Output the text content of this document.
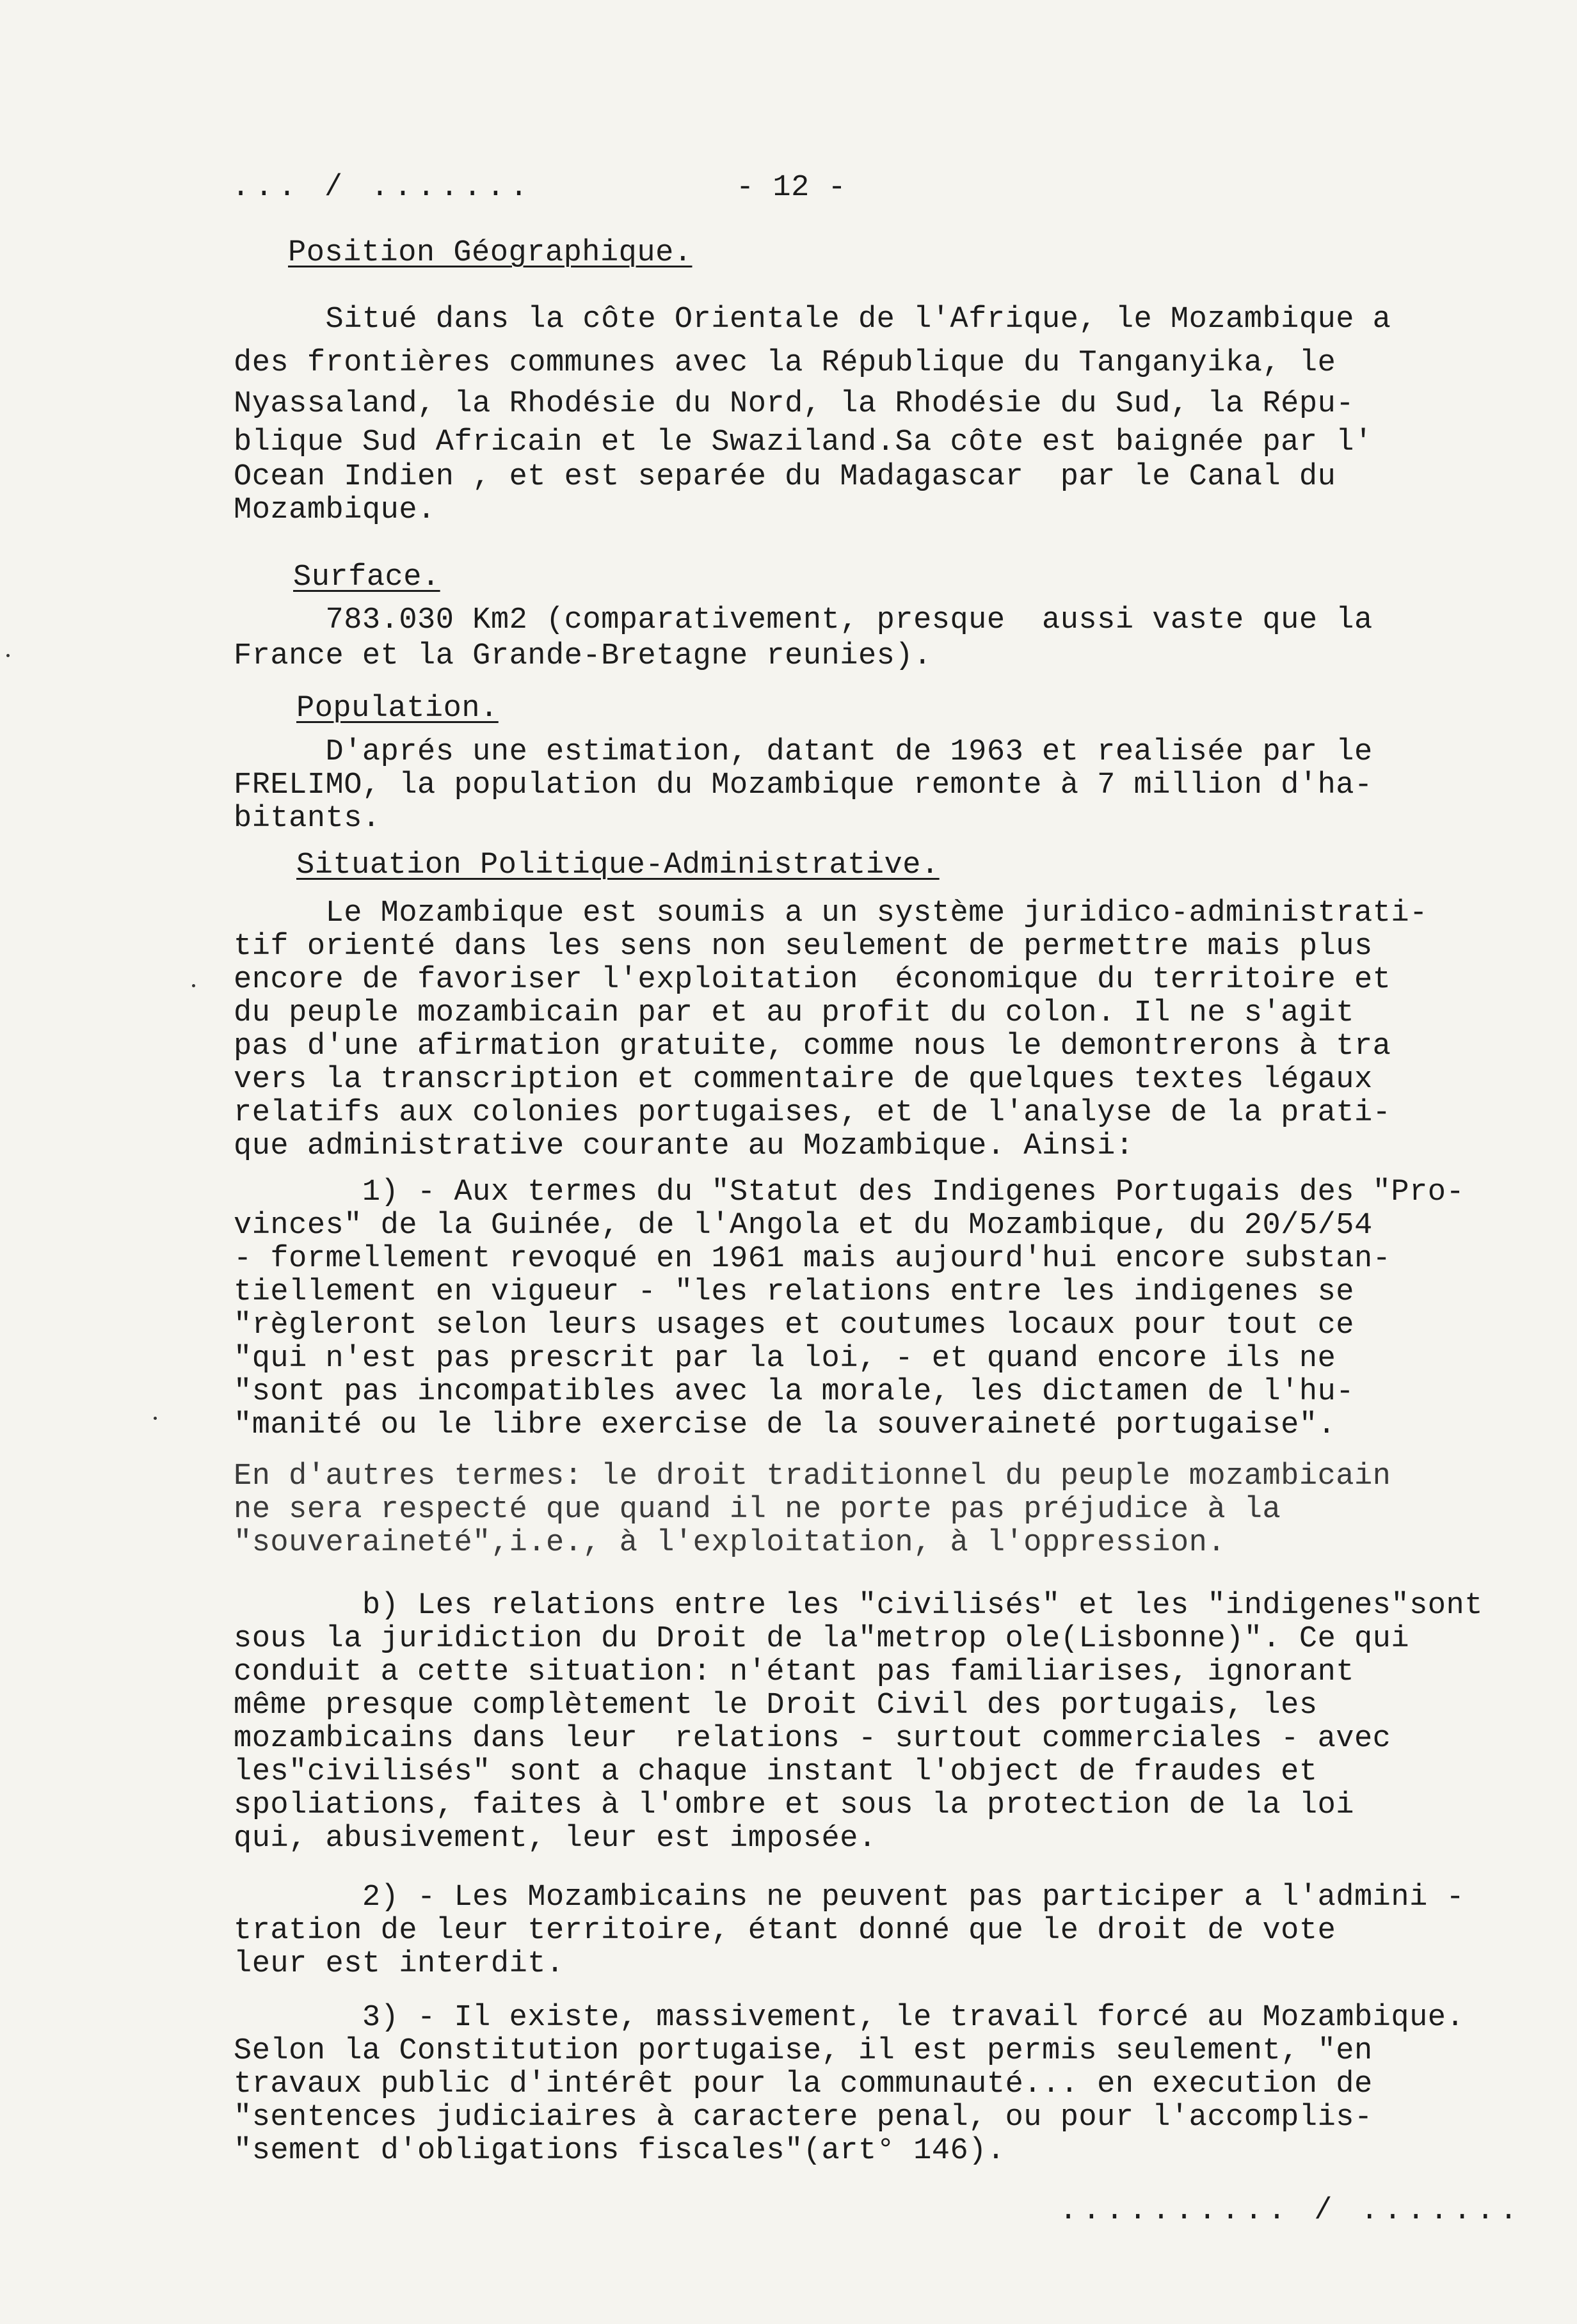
... / .......	- 12 -
Position Géographique.
Situé dans la côte Orientale de l'Afrique, le Mozambique a
des frontières communes avec la République du Tanganyika, le
Nyassaland, la Rhodésie du Nord, la Rhodésie du Sud, la Répu-
blique Sud Africain et le Swaziland.Sa côte est baignée par l'
Ocean Indien , et est separée du Madagascar  par le Canal du
Mozambique.
Surface.
783.030 Km2 (comparativement, presque  aussi vaste que la
France et la Grande-Bretagne reunies).
Population.
D'aprés une estimation, datant de 1963 et realisée par le
FRELIMO, la population du Mozambique remonte à 7 million d'ha-
bitants.
Situation Politique-Administrative.
Le Mozambique est soumis a un système juridico-administrati-
tif orienté dans les sens non seulement de permettre mais plus
encore de favoriser l'exploitation  économique du territoire et
du peuple mozambicain par et au profit du colon. Il ne s'agit
pas d'une afirmation gratuite, comme nous le demontrerons à tra
vers la transcription et commentaire de quelques textes légaux
relatifs aux colonies portugaises, et de l'analyse de la prati-
que administrative courante au Mozambique. Ainsi:
1) - Aux termes du "Statut des Indigenes Portugais des "Pro-
vinces" de la Guinée, de l'Angola et du Mozambique, du 20/5/54
- formellement revoqué en 1961 mais aujourd'hui encore substan-
tiellement en vigueur - "les relations entre les indigenes se
"règleront selon leurs usages et coutumes locaux pour tout ce
"qui n'est pas prescrit par la loi, - et quand encore ils ne
"sont pas incompatibles avec la morale, les dictamen de l'hu-
"manité ou le libre exercise de la souveraineté portugaise".
En d'autres termes: le droit traditionnel du peuple mozambicain
ne sera respecté que quand il ne porte pas préjudice à la
"souveraineté",i.e., à l'exploitation, à l'oppression.
b) Les relations entre les "civilisés" et les "indigenes"sont
sous la juridiction du Droit de la"metrop ole(Lisbonne)". Ce qui
conduit a cette situation: n'étant pas familiarises, ignorant
même presque complètement le Droit Civil des portugais, les
mozambicains dans leur  relations - surtout commerciales - avec
les"civilisés" sont a chaque instant l'object de fraudes et
spoliations, faites à l'ombre et sous la protection de la loi
qui, abusivement, leur est imposée.
2) - Les Mozambicains ne peuvent pas participer a l'admini -
tration de leur territoire, étant donné que le droit de vote
leur est interdit.
3) - Il existe, massivement, le travail forcé au Mozambique.
Selon la Constitution portugaise, il est permis seulement, "en
travaux public d'intérêt pour la communauté... en execution de
"sentences judiciaires à caractere penal, ou pour l'accomplis-
"sement d'obligations fiscales"(art° 146).
.......... / .......
